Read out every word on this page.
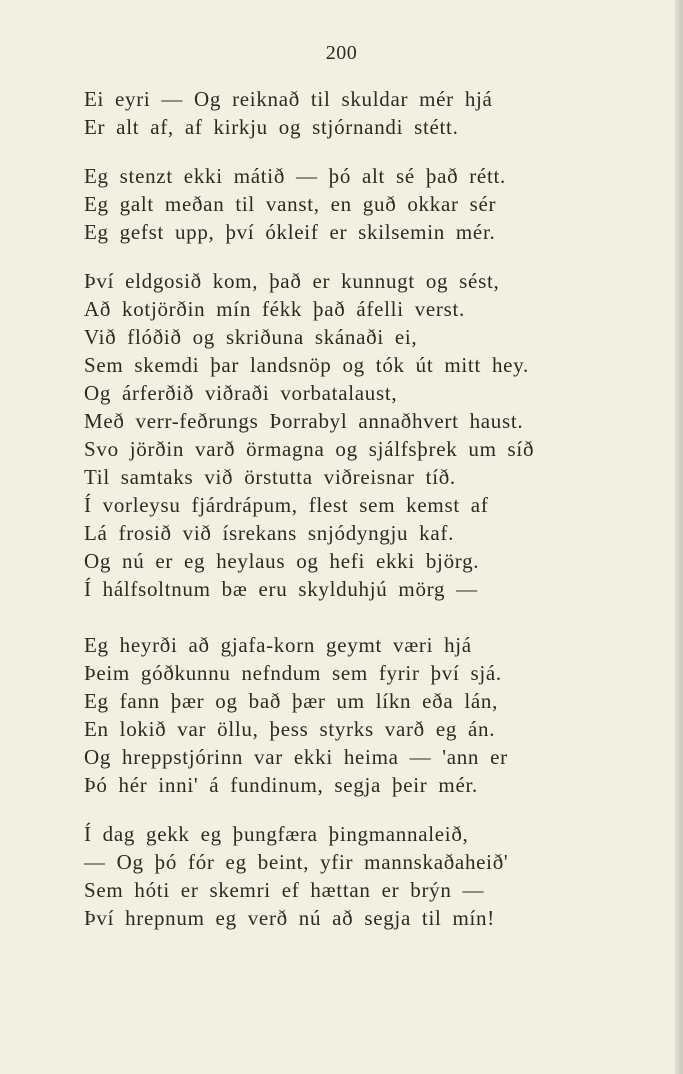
200
Ei eyri — Og reiknað til skuldar mér hjá
Er alt af, af kirkju og stjórnandi stétt.
Eg stenzt ekki mátið — þó alt sé það rétt.
Eg galt meðan til vanst, en guð okkar sér
Eg gefst upp, því ókleif er skilsemin mér.
Því eldgosið kom, það er kunnugt og sést,
Að kotjörðin mín fékk það áfelli verst.
Við flóðið og skriðuna skánaði ei,
Sem skemdi þar landsnöp og tók út mitt hey.
Og árferðið viðraði vorbatalaust,
Með verr-feðrungs Þorrabyl annaðhvert haust.
Svo jörðin varð örmagna og sjálfsþrek um síð
Til samtaks við örstutta viðreisnar tíð.
Í vorleysu fjárdrápum, flest sem kemst af
Lá frosið við ísrekans snjódyngju kaf.
Og nú er eg heylaus og hefi ekki björg.
Í hálfsoltnum bæ eru skylduhjú mörg —
Eg heyrði að gjafa-korn geymt væri hjá
Þeim góðkunnu nefndum sem fyrir því sjá.
Eg fann þær og bað þær um líkn eða lán,
En lokið var öllu, þess styrks varð eg án.
Og hreppstjórinn var ekki heima — 'ann er
Þó hér inni' á fundinum, segja þeir mér.
Í dag gekk eg þungfæra þingmannaleið,
— Og þó fór eg beint, yfir mannskaðaheið'
Sem hóti er skemri ef hættan er brýn —
Því hrepnum eg verð nú að segja til mín!
